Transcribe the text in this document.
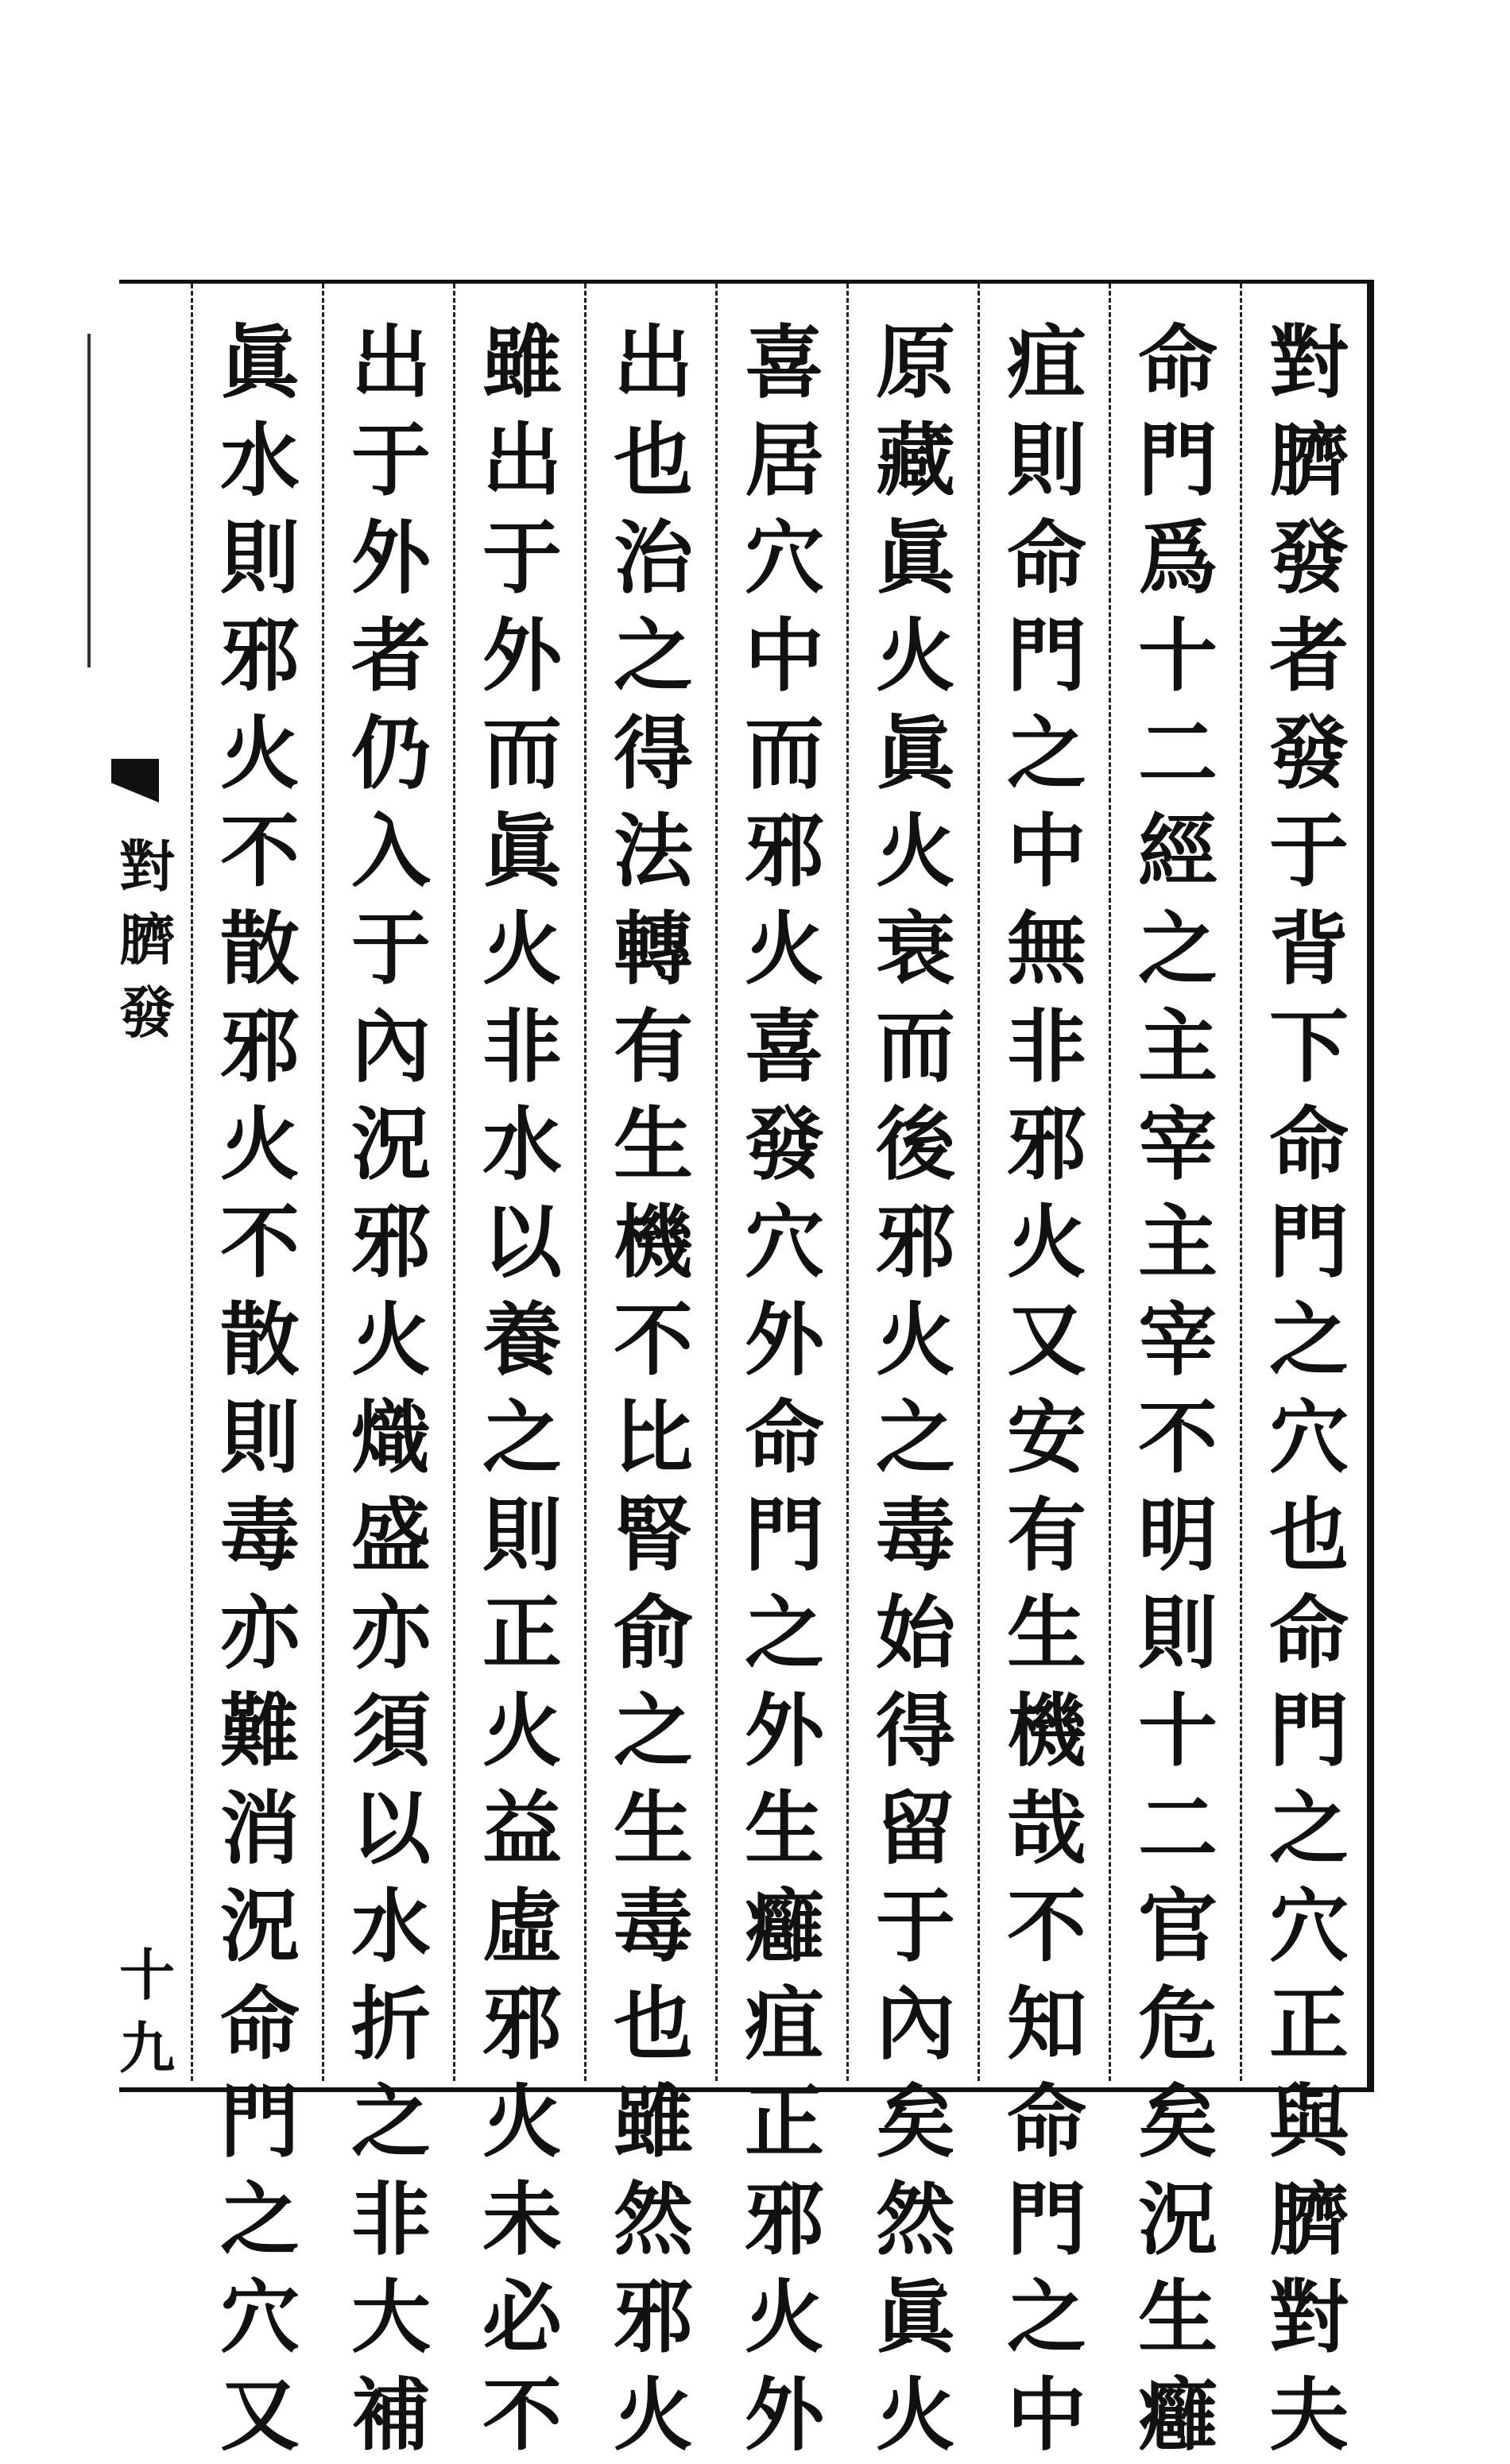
對
臍
發
十
九
對
臍
發
者
發
于
背
下
命
門
之
穴
也
命
門
之
穴
正
與
臍
對
夫
命
門
爲
十
二
經
之
主
宰
主
宰
不
明
則
十
二
官
危
矣
況
生
癰
疽
則
命
門
之
中
無
非
邪
火
又
安
有
生
機
哉
不
知
命
門
之
中
原
藏
眞
火
眞
火
衰
而
後
邪
火
之
毒
始
得
留
于
內
矣
然
眞
火
喜
居
穴
中
而
邪
火
喜
發
穴
外
命
門
之
外
生
癰
疽
正
邪
火
外
出
也
治
之
得
法
轉
有
生
機
不
比
腎
俞
之
生
毒
也
雖
然
邪
火
雖
出
于
外
而
眞
火
非
水
以
養
之
則
正
火
益
虛
邪
火
未
必
不
出
于
外
者
仍
入
于
內
況
邪
火
熾
盛
亦
須
以
水
折
之
非
大
補
眞
水
則
邪
火
不
散
邪
火
不
散
則
毒
亦
難
消
況
命
門
之
穴
又
